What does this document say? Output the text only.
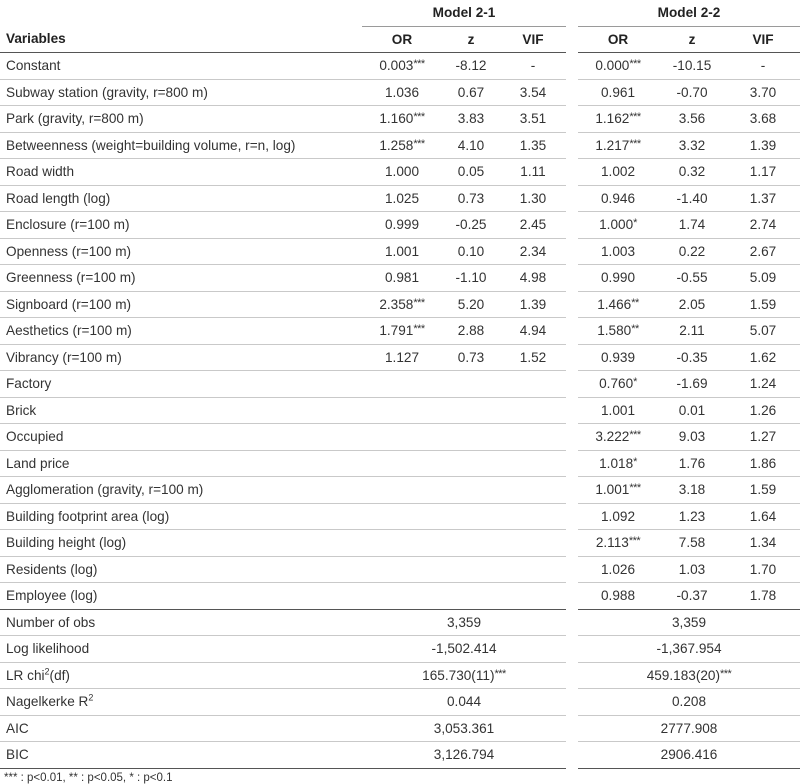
	Model 2-1				Model 2-2		
Variables	OR	z	VIF		OR	z	VIF
Constant	0.003***	-8.12	-		0.000***	-10.15	-
Subway station (gravity, r=800 m)	1.036	0.67	3.54		0.961	-0.70	3.70
Park (gravity, r=800 m)	1.160***	3.83	3.51		1.162***	3.56	3.68
Betweenness (weight=building volume, r=n, log)	1.258***	4.10	1.35		1.217***	3.32	1.39
Road width	1.000	0.05	1.11		1.002	0.32	1.17
Road length (log)	1.025	0.73	1.30		0.946	-1.40	1.37
Enclosure (r=100 m)	0.999	-0.25	2.45		1.000*	1.74	2.74
Openness (r=100 m)	1.001	0.10	2.34		1.003	0.22	2.67
Greenness (r=100 m)	0.981	-1.10	4.98		0.990	-0.55	5.09
Signboard (r=100 m)	2.358***	5.20	1.39		1.466**	2.05	1.59
Aesthetics (r=100 m)	1.791***	2.88	4.94		1.580**	2.11	5.07
Vibrancy (r=100 m)	1.127	0.73	1.52		0.939	-0.35	1.62
Factory					0.760*	-1.69	1.24
Brick					1.001	0.01	1.26
Occupied					3.222***	9.03	1.27
Land price					1.018*	1.76	1.86
Agglomeration (gravity, r=100 m)					1.001***	3.18	1.59
Building footprint area (log)					1.092	1.23	1.64
Building height (log)					2.113***	7.58	1.34
Residents (log)					1.026	1.03	1.70
Employee (log)					0.988	-0.37	1.78
Number of obs	3,359				3,359		
Log likelihood	-1,502.414				-1,367.954		
LR chi$^2$(df)	165.730(11)***				459.183(20)***
Nagelkerke $R^2$	0.044				0.208		
AIC	3,053.361				2777.908		
BIC	3,126.794				2906.416		
*** : p<0.01, ** : p<0.05, * : p<0.1
